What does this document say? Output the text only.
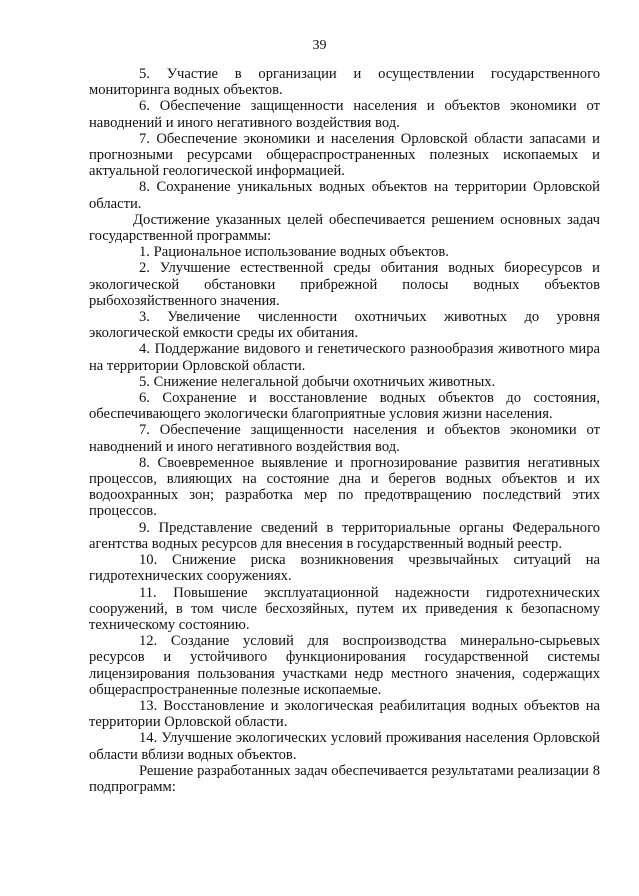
39

5. Участие в организации и осуществлении государственного мониторинга водных объектов.

6. Обеспечение защищенности населения и объектов экономики от наводнений и иного негативного воздействия вод.

7. Обеспечение экономики и населения Орловской области запасами и прогнозными ресурсами общераспространенных полезных ископаемых и актуальной геологической информацией.

8. Сохранение уникальных водных объектов на территории Орловской области.

Достижение указанных целей обеспечивается решением основных задач государственной программы:

1. Рациональное использование водных объектов.

2. Улучшение естественной среды обитания водных биоресурсов и экологической обстановки прибрежной полосы водных объектов рыбохозяйственного значения.

3. Увеличение численности охотничьих животных до уровня экологической емкости среды их обитания.

4. Поддержание видового и генетического разнообразия животного мира на территории Орловской области.

5. Снижение нелегальной добычи охотничьих животных.

6. Сохранение и восстановление водных объектов до состояния, обеспечивающего экологически благоприятные условия жизни населения.

7. Обеспечение защищенности населения и объектов экономики от наводнений и иного негативного воздействия вод.

8. Своевременное выявление и прогнозирование развития негативных процессов, влияющих на состояние дна и берегов водных объектов и их водоохранных зон; разработка мер по предотвращению последствий этих процессов.

9. Представление сведений в территориальные органы Федерального агентства водных ресурсов для внесения в государственный водный реестр.

10. Снижение риска возникновения чрезвычайных ситуаций на гидротехнических сооружениях.

11. Повышение эксплуатационной надежности гидротехнических сооружений, в том числе бесхозяйных, путем их приведения к безопасному техническому состоянию.

12. Создание условий для воспроизводства минерально-сырьевых ресурсов и устойчивого функционирования государственной системы лицензирования пользования участками недр местного значения, содержащих общераспространенные полезные ископаемые.

13. Восстановление и экологическая реабилитация водных объектов на территории Орловской области.

14. Улучшение экологических условий проживания населения Орловской области вблизи водных объектов.

Решение разработанных задач обеспечивается результатами реализации 8 подпрограмм:
